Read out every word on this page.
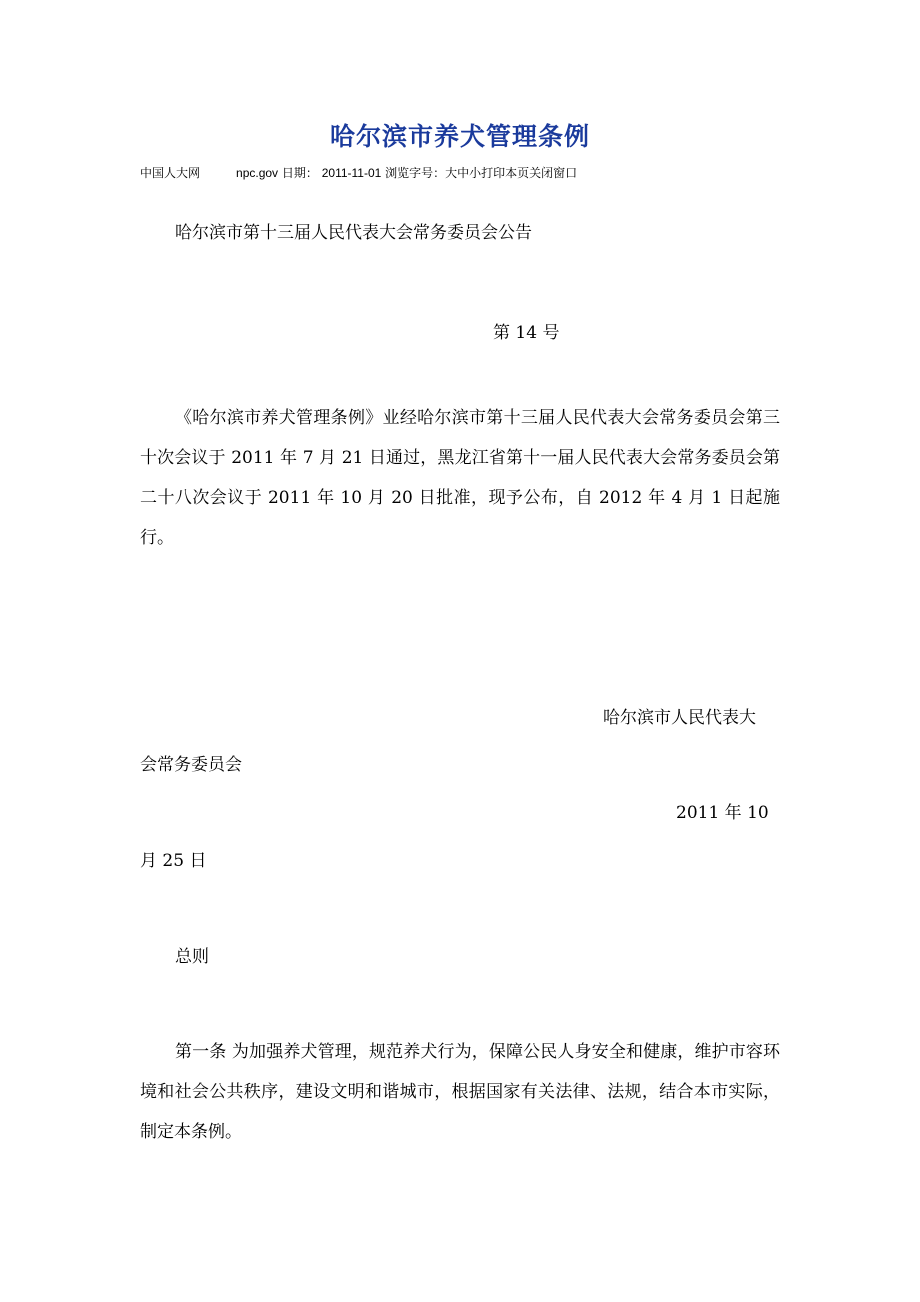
哈尔滨市养犬管理条例
中国人大网	npc.gov 日期： 2011-11-01 浏览字号：大中小打印本页关闭窗口
哈尔滨市第十三届人民代表大会常务委员会公告
第 14 号
《哈尔滨市养犬管理条例》业经哈尔滨市第十三届人民代表大会常务委员会第三十次会议于 2011 年 7 月 21 日通过，黑龙江省第十一届人民代表大会常务委员会第二十八次会议于 2011 年 10 月 20 日批准，现予公布，自 2012 年 4 月 1 日起施行。
哈尔滨市人民代表大
会常务委员会
2011 年 10
月 25 日
总则
第一条 为加强养犬管理，规范养犬行为，保障公民人身安全和健康，维护市容环境和社会公共秩序，建设文明和谐城市，根据国家有关法律、法规，结合本市实际，制定本条例。
